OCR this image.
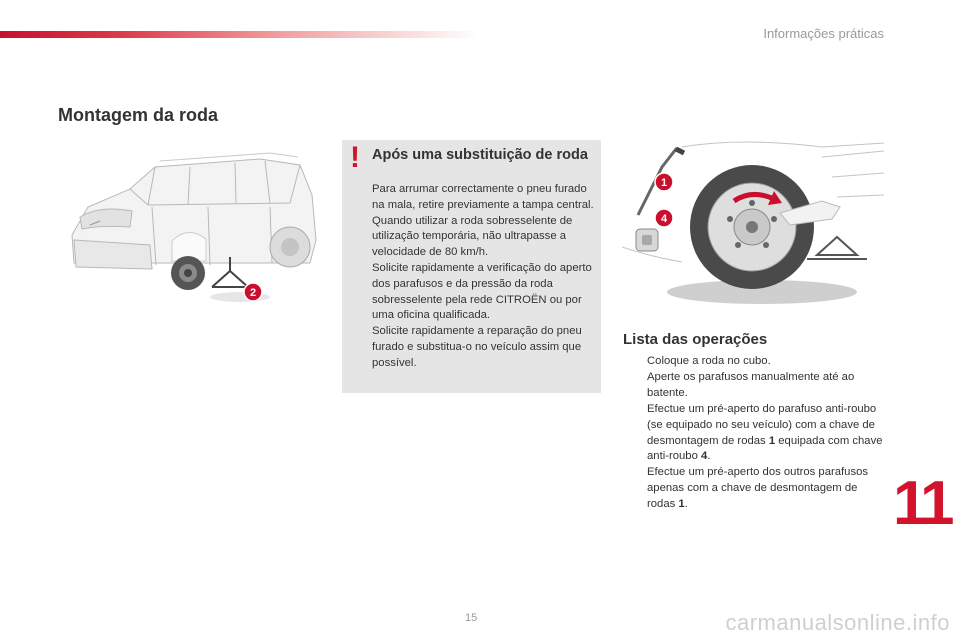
Informações práticas
Montagem da roda
2
! Após uma substituição de roda

Para arrumar correctamente o pneu furado na mala, retire previamente a tampa central.

Quando utilizar a roda sobresselente de utilização temporária, não ultrapasse a velocidade de 80 km/h.

Solicite rapidamente a verificação do aperto dos parafusos e da pressão da roda sobresselente pela rede CITROËN ou por uma oficina qualificada.

Solicite rapidamente a reparação do pneu furado e substitua-o no veículo assim que possível.

1
4
Lista das operações
Coloque a roda no cubo.
Aperte os parafusos manualmente até ao batente.
Efectue um pré-aperto do parafuso anti-roubo (se equipado no seu veículo) com a chave de desmontagem de rodas 1 equipada com chave anti-roubo 4.
Efectue um pré-aperto dos outros parafusos apenas com a chave de desmontagem de rodas 1.	11
15	carmanualsonline.info
